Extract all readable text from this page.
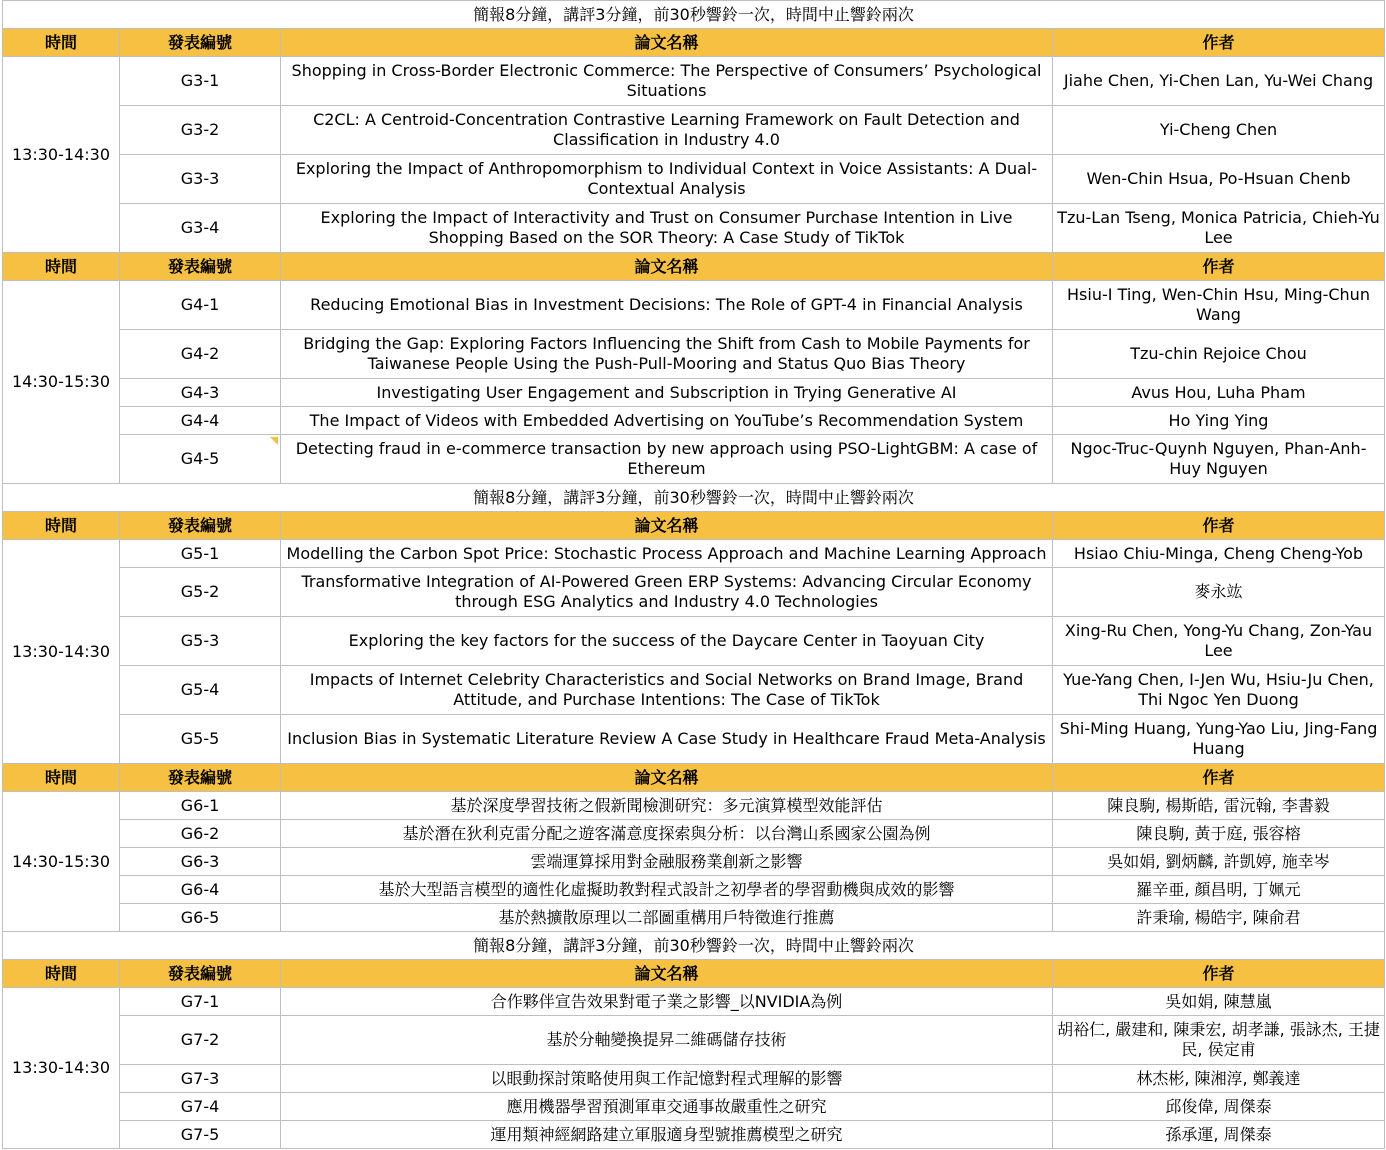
簡報8分鐘，講評3分鐘，前30秒響鈴一次，時間中止響鈴兩次			
時間	發表編號	論文名稱	作者
13:30-14:30	G3-1	Shopping in Cross-Border Electronic Commerce: The Perspective of Consumers’ Psychological Situations	Jiahe Chen, Yi-Chen Lan, Yu-Wei Chang
	G3-2	C2CL: A Centroid-Concentration Contrastive Learning Framework on Fault Detection and Classification in Industry 4.0	Yi-Cheng Chen
	G3-3	Exploring the Impact of Anthropomorphism to Individual Context in Voice Assistants: A Dual-Contextual Analysis	Wen-Chin Hsua, Po-Hsuan Chenb
	G3-4	Exploring the Impact of Interactivity and Trust on Consumer Purchase Intention in Live Shopping Based on the SOR Theory: A Case Study of TikTok	Tzu-Lan Tseng, Monica Patricia, Chieh-Yu Lee
時間	發表編號	論文名稱	作者
14:30-15:30	G4-1	Reducing Emotional Bias in Investment Decisions: The Role of GPT-4 in Financial Analysis	Hsiu-I Ting, Wen-Chin Hsu, Ming-Chun Wang
	G4-2	Bridging the Gap: Exploring Factors Influencing the Shift from Cash to Mobile Payments for Taiwanese People Using the Push-Pull-Mooring and Status Quo Bias Theory	Tzu-chin Rejoice Chou
	G4-3	Investigating User Engagement and Subscription in Trying Generative AI	Avus Hou, Luha Pham
	G4-4	The Impact of Videos with Embedded Advertising on YouTube’s Recommendation System	Ho Ying Ying
	G4-5	Detecting fraud in e-commerce transaction by new approach using PSO-LightGBM: A case of Ethereum	Ngoc-Truc-Quynh Nguyen, Phan-Anh-Huy Nguyen
簡報8分鐘，講評3分鐘，前30秒響鈴一次，時間中止響鈴兩次			
時間	發表編號	論文名稱	作者
13:30-14:30	G5-1	Modelling the Carbon Spot Price: Stochastic Process Approach and Machine Learning Approach	Hsiao Chiu-Minga, Cheng Cheng-Yob
	G5-2	Transformative Integration of AI-Powered Green ERP Systems: Advancing Circular Economy through ESG Analytics and Industry 4.0 Technologies	麥永竑
	G5-3	Exploring the key factors for the success of the Daycare Center in Taoyuan City	Xing-Ru Chen, Yong-Yu Chang, Zon-Yau Lee
	G5-4	Impacts of Internet Celebrity Characteristics and Social Networks on Brand Image, Brand Attitude, and Purchase Intentions: The Case of TikTok	Yue-Yang Chen, I-Jen Wu, Hsiu-Ju Chen, Thi Ngoc Yen Duong
	G5-5	Inclusion Bias in Systematic Literature Review A Case Study in Healthcare Fraud Meta-Analysis	Shi-Ming Huang, Yung-Yao Liu, Jing-Fang Huang
時間	發表編號	論文名稱	作者
14:30-15:30	G6-1	基於深度學習技術之假新聞檢測研究：多元演算模型效能評估	陳良駒, 楊斯皓, 雷沅翰, 李書毅
	G6-2	基於潛在狄利克雷分配之遊客滿意度探索與分析：以台灣山系國家公園為例	陳良駒, 黃于庭, 張容榕
	G6-3	雲端運算採用對金融服務業創新之影響	吳如娟, 劉炳麟, 許凱婷, 施幸岑
	G6-4	基於大型語言模型的適性化虛擬助教對程式設計之初學者的學習動機與成效的影響	羅辛亜, 顏昌明, 丁姵元
	G6-5	基於熱擴散原理以二部圖重構用戶特徵進行推薦	許秉瑜, 楊皓宇, 陳俞君
簡報8分鐘，講評3分鐘，前30秒響鈴一次，時間中止響鈴兩次			
時間	發表編號	論文名稱	作者
13:30-14:30	G7-1	合作夥伴宣告效果對電子業之影響_以NVIDIA為例	吳如娟, 陳慧嵐
	G7-2	基於分軸變換提昇二維碼儲存技術	胡裕仁, 嚴建和, 陳秉宏, 胡孝謙, 張詠杰, 王捷民, 侯定甫
	G7-3	以眼動探討策略使用與工作記憶對程式理解的影響	林杰彬, 陳湘淳, 鄭義達
	G7-4	應用機器學習預測軍車交通事故嚴重性之研究	邱俊偉, 周傑泰
	G7-5	運用類神經網路建立軍服適身型號推薦模型之研究	孫承運, 周傑泰
